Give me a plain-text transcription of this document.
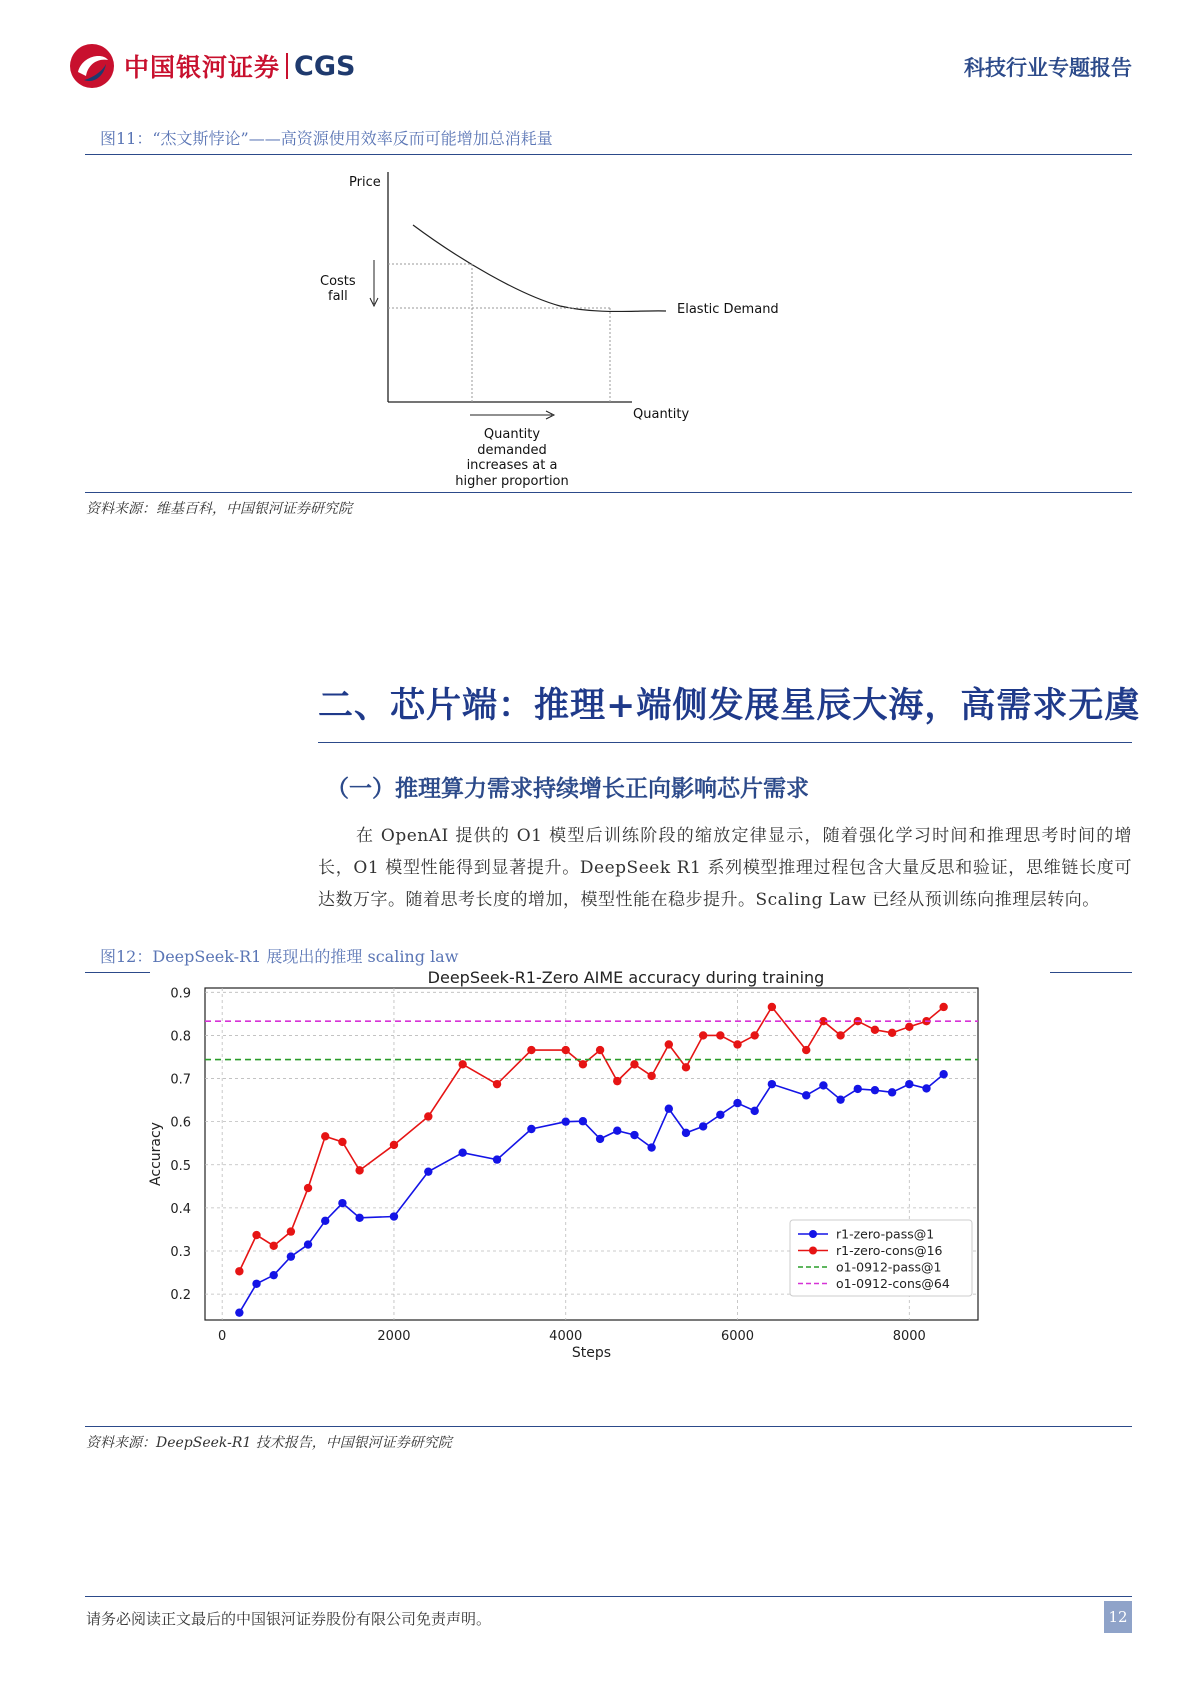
中国银河证券 CGS	科技行业专题报告
图11：“杰文斯悖论”——高资源使用效率反而可能增加总消耗量
Price
Quantity
Elastic Demand
Costs
fall
Quantity
demanded
increases at a
higher proportion
资料来源：维基百科，中国银河证券研究院
二、芯片端：推理+端侧发展星辰大海，高需求无虞
（一）推理算力需求持续增长正向影响芯片需求
在 OpenAI 提供的 O1 模型后训练阶段的缩放定律显示，随着强化学习时间和推理思考时间的增长，O1 模型性能得到显著提升。DeepSeek R1 系列模型推理过程包含大量反思和验证，思维链长度可达数万字。随着思考长度的增加，模型性能在稳步提升。Scaling Law 已经从预训练向推理层转向。
图12：DeepSeek-R1 展现出的推理 scaling law
DeepSeek-R1-Zero AIME accuracy during training
0.2
0.3
0.4
0.5
0.6
0.7
0.8
0.9
0	2000	4000	6000	8000
Steps
Accuracy
r1-zero-pass@1
r1-zero-cons@16
o1-0912-pass@1
o1-0912-cons@64
资料来源：DeepSeek-R1 技术报告，中国银河证券研究院
请务必阅读正文最后的中国银河证券股份有限公司免责声明。	12
